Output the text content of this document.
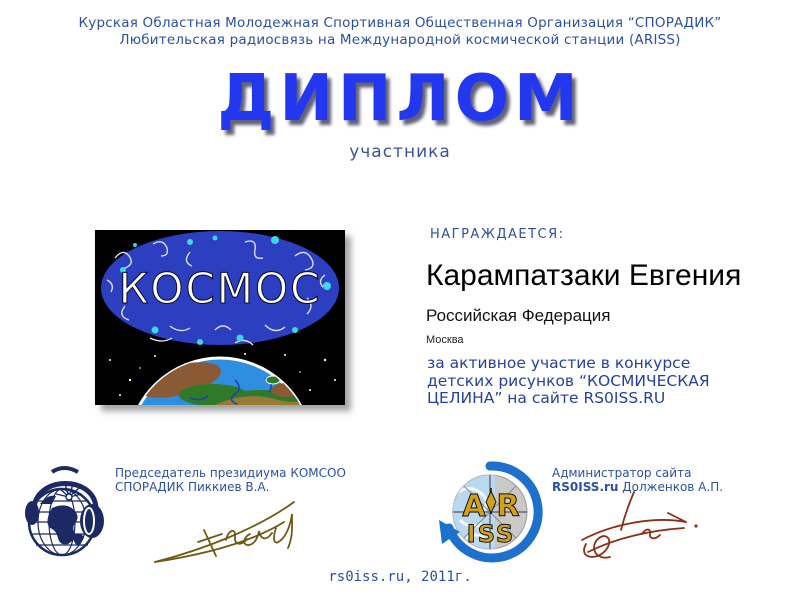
Курская Областная Молодежная Спортивная Общественная Организация “СПОРАДИК”
Любительская радиосвязь на Международной космической станции (ARISS)
ДИПЛОМ
участника
КОСМОС
НАГРАЖДАЕТСЯ:
Карампатзаки Евгения
Российская Федерация
Москва
за активное участие в конкурсе
детских рисунков “КОСМИЧЕСКАЯ
ЦЕЛИНА” на сайте RS0ISS.RU
A R
ISS
Председатель президиума КОМСОО
СПОРАДИК Пиккиев В.А.
Администратор сайта
RS0ISS.ru Долженков А.П.
rs0iss.ru, 2011г.
